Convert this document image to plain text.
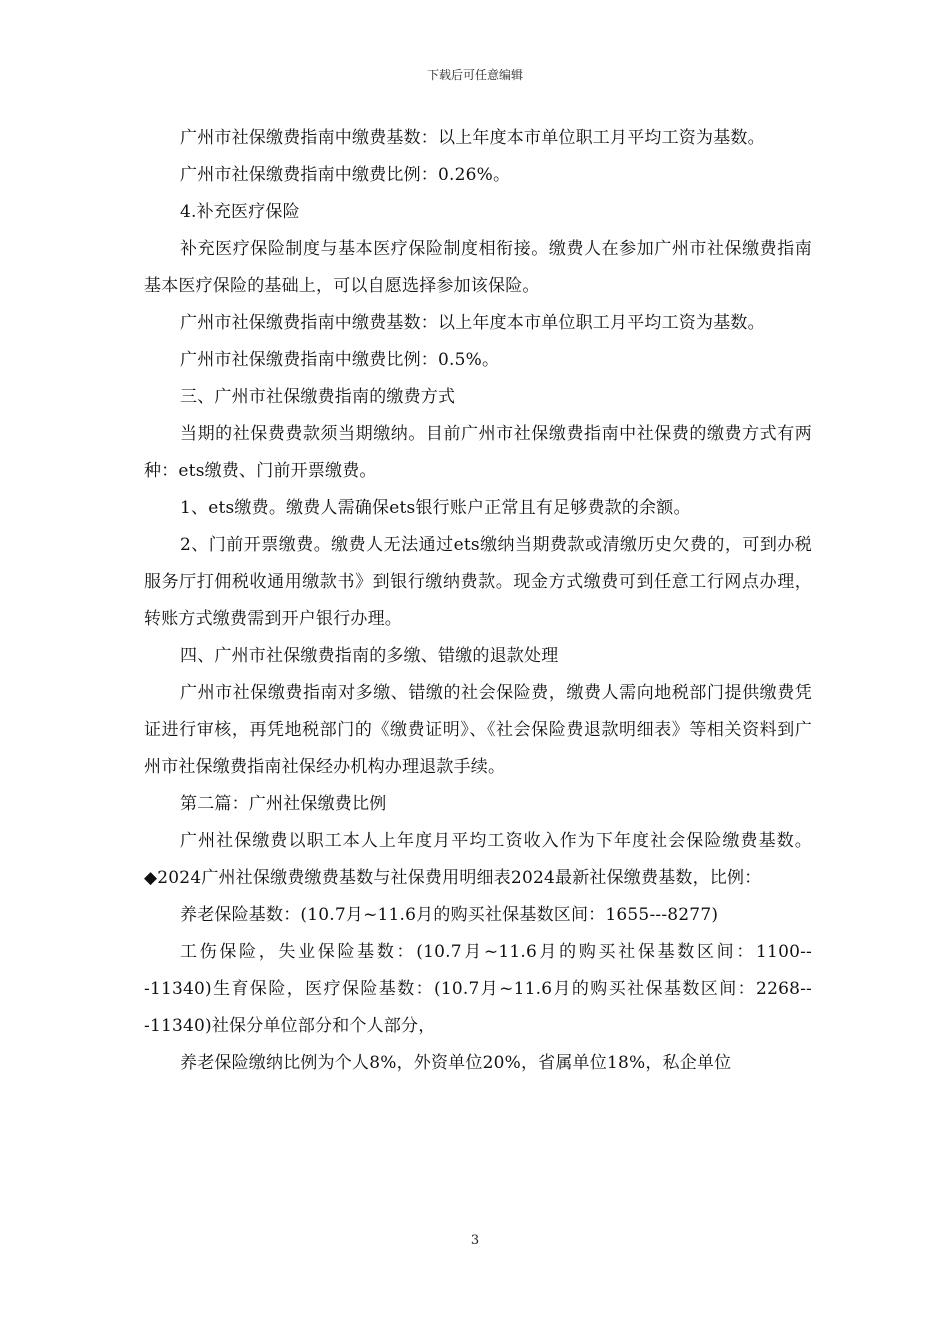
下载后可任意编辑

广州市社保缴费指南中缴费基数：以上年度本市单位职工月平均工资为基数。

广州市社保缴费指南中缴费比例：0.26%。

4.补充医疗保险

补充医疗保险制度与基本医疗保险制度相衔接。缴费人在参加广州市社保缴费指南基本医疗保险的基础上，可以自愿选择参加该保险。

广州市社保缴费指南中缴费基数：以上年度本市单位职工月平均工资为基数。

广州市社保缴费指南中缴费比例：0.5%。

三、广州市社保缴费指南的缴费方式

当期的社保费费款须当期缴纳。目前广州市社保缴费指南中社保费的缴费方式有两种：ets缴费、门前开票缴费。

1、ets缴费。缴费人需确保ets银行账户正常且有足够费款的余额。

2、门前开票缴费。缴费人无法通过ets缴纳当期费款或清缴历史欠费的，可到办税服务厅打佣税收通用缴款书》到银行缴纳费款。现金方式缴费可到任意工行网点办理，转账方式缴费需到开户银行办理。

四、广州市社保缴费指南的多缴、错缴的退款处理

广州市社保缴费指南对多缴、错缴的社会保险费，缴费人需向地税部门提供缴费凭证进行审核，再凭地税部门的《缴费证明》、《社会保险费退款明细表》等相关资料到广州市社保缴费指南社保经办机构办理退款手续。

第二篇：广州社保缴费比例

广州社保缴费以职工本人上年度月平均工资收入作为下年度社会保险缴费基数。◆2024广州社保缴费缴费基数与社保费用明细表2024最新社保缴费基数，比例：

养老保险基数：(10.7月~11.6月的购买社保基数区间：1655---8277)

工伤保险，失业保险基数：(10.7月~11.6月的购买社保基数区间：1100---11340)生育保险，医疗保险基数：(10.7月~11.6月的购买社保基数区间：2268---11340)社保分单位部分和个人部分，

养老保险缴纳比例为个人8%，外资单位20%，省属单位18%，私企单位

3
